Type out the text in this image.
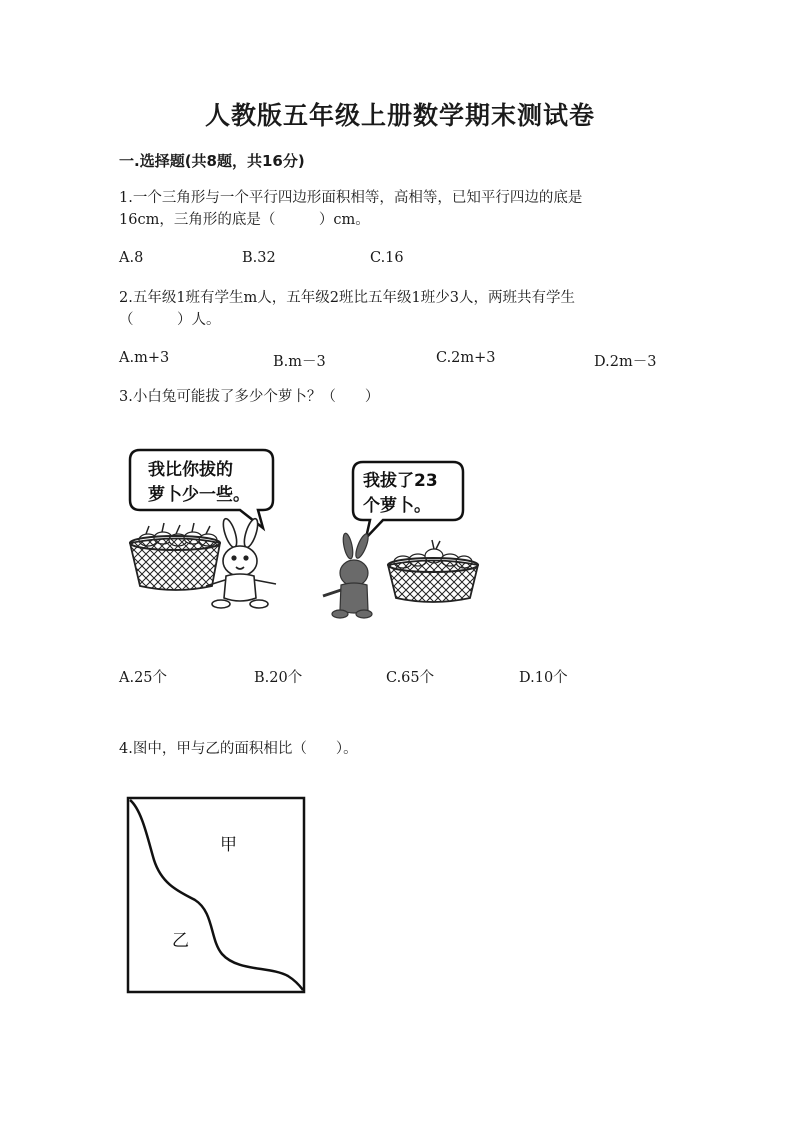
人教版五年级上册数学期末测试卷
一.选择题(共8题，共16分)
1.一个三角形与一个平行四边形面积相等，高相等，已知平行四边的底是
16cm，三角形的底是（　　　）cm。
A.8	B.32	C.16
2.五年级1班有学生m人，五年级2班比五年级1班少3人，两班共有学生
（　　　）人。
A.m+3	B.m－3	C.2m+3	D.2m－3
3.小白兔可能拔了多少个萝卜？（　　）
我比你拔的
萝卜少一些。
我拔了23
个萝卜。
A.25个	B.20个	C.65个	D.10个
4.图中，甲与乙的面积相比（　　）。
甲
乙
